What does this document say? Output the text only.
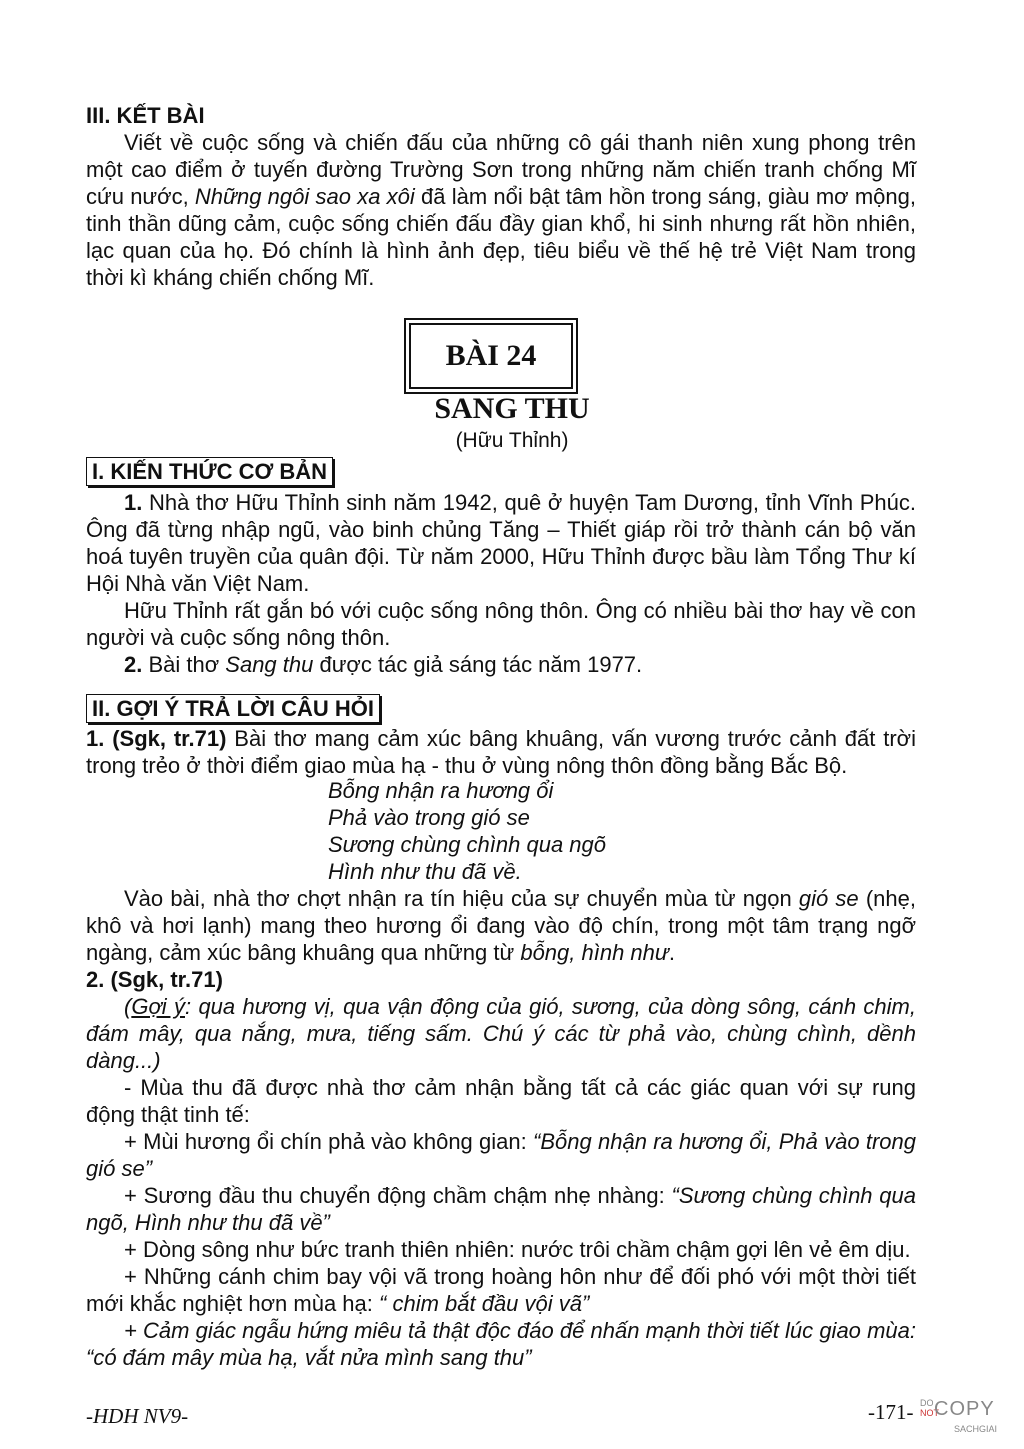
III. KẾT BÀI

Viết về cuộc sống và chiến đấu của những cô gái thanh niên xung phong trên một cao điểm ở tuyến đường Trường Sơn trong những năm chiến tranh chống Mĩ cứu nước, Những ngôi sao xa xôi đã làm nổi bật tâm hồn trong sáng, giàu mơ mộng, tinh thần dũng cảm, cuộc sống chiến đấu đầy gian khổ, hi sinh nhưng rất hồn nhiên, lạc quan của họ. Đó chính là hình ảnh đẹp, tiêu biểu về thế hệ trẻ Việt Nam trong thời kì kháng chiến chống Mĩ.

BÀI 24
SANG THU
(Hữu Thỉnh)
I. KIẾN THỨC CƠ BẢN

1. Nhà thơ Hữu Thỉnh sinh năm 1942, quê ở huyện Tam Dương, tỉnh Vĩnh Phúc. Ông đã từng nhập ngũ, vào binh chủng Tăng – Thiết giáp rồi trở thành cán bộ văn hoá tuyên truyền của quân đội. Từ năm 2000, Hữu Thỉnh được bầu làm Tổng Thư kí Hội Nhà văn Việt Nam.

Hữu Thỉnh rất gắn bó với cuộc sống nông thôn. Ông có nhiều bài thơ hay về con người và cuộc sống nông thôn.

2. Bài thơ Sang thu được tác giả sáng tác năm 1977.

II. GỢI Ý TRẢ LỜI CÂU HỎI

1. (Sgk, tr.71) Bài thơ mang cảm xúc bâng khuâng, vấn vương trước cảnh đất trời trong trẻo ở thời điểm giao mùa hạ - thu ở vùng nông thôn đồng bằng Bắc Bộ.

Bỗng nhận ra hương ổi
Phả vào trong gió se
Sương chùng chình qua ngõ
Hình như thu đã về.

Vào bài, nhà thơ chợt nhận ra tín hiệu của sự chuyển mùa từ ngọn gió se (nhẹ, khô và hơi lạnh) mang theo hương ổi đang vào độ chín, trong một tâm trạng ngỡ ngàng, cảm xúc bâng khuâng qua những từ bỗng, hình như.

2. (Sgk, tr.71)

(Gợi ý: qua hương vị, qua vận động của gió, sương, của dòng sông, cánh chim, đám mây, qua nắng, mưa, tiếng sấm. Chú ý các từ phả vào, chùng chình, dềnh dàng...)

- Mùa thu đã được nhà thơ cảm nhận bằng tất cả các giác quan với sự rung động thật tinh tế:

+ Mùi hương ổi chín phả vào không gian: “Bỗng nhận ra hương ổi, Phả vào trong gió se”

+ Sương đầu thu chuyển động chầm chậm nhẹ nhàng: “Sương chùng chình qua ngõ, Hình như thu đã về”

+ Dòng sông như bức tranh thiên nhiên: nước trôi chầm chậm gợi lên vẻ êm dịu.

+ Những cánh chim bay vội vã trong hoàng hôn như để đối phó với một thời tiết mới khắc nghiệt hơn mùa hạ: “ chim bắt đầu vội vã”

+ Cảm giác ngẫu hứng miêu tả thật độc đáo để nhấn mạnh thời tiết lúc giao mùa: “có đám mây mùa hạ, vắt nửa mình sang thu”

-HDH NV9-	-171- DO
NOT
COPY
SACHGIAI
